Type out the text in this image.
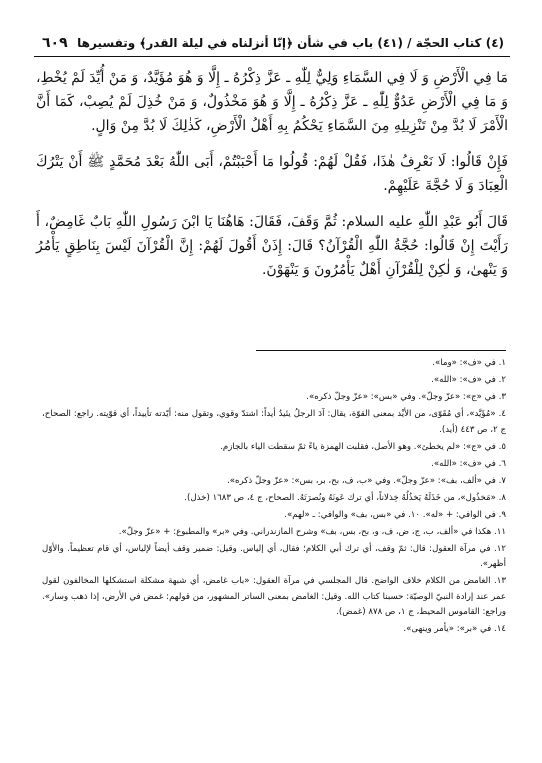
(٤) كتاب الحجّة / (٤١) باب في شأن ﴿إنّا أنزلناه في ليلة القدر﴾ وتفسيرها
٦٠٩

مَا فِي الْأَرْضِ وَ لَا فِي السَّمَاءِ وَلِيٌّ لِلّٰهِ ـ عَزَّ ذِكْرُهُ ـ إِلَّا وَ هُوَ مُؤَيَّدٌ، وَ مَنْ أُيِّدَ لَمْ يُخْطِ، وَ مَا فِي الْأَرْضِ عَدُوٌّ لِلّٰهِ ـ عَزَّ ذِكْرُهُ ـ إِلَّا وَ هُوَ مَخْذُولٌ، وَ مَنْ خُذِلَ لَمْ يُصِبْ، كَمَا أَنَّ الْأَمْرَ لَا بُدَّ مِنْ تَنْزِيلِهِ مِنَ السَّمَاءِ يَحْكُمُ بِهِ أَهْلُ الْأَرْضِ، كَذٰلِكَ لَا بُدَّ مِنْ وَالٍ.

فَإِنْ قَالُوا: لَا نَعْرِفُ هٰذَا، فَقُلْ لَهُمْ: قُولُوا مَا أَحْبَبْتُمْ، أَبَى اللّٰهُ بَعْدَ مُحَمَّدٍ ﷺ أَنْ يَتْرُكَ الْعِبَادَ وَ لَا حُجَّةَ عَلَيْهِمْ.

قَالَ أَبُو عَبْدِ اللّٰهِ عليه السلام: ثُمَّ وَقَفَ، فَقَالَ: هَاهُنَا يَا ابْنَ رَسُولِ اللّٰهِ بَابٌ غَامِضٌ، أَ رَأَيْتَ إِنْ قَالُوا: حُجَّةُ اللّٰهِ الْقُرْآنُ؟ قَالَ: إِذَنْ أَقُولَ لَهُمْ: إِنَّ الْقُرْآنَ لَيْسَ بِنَاطِقٍ يَأْمُرُ وَ يَنْهىٰ، وَ لٰكِنْ لِلْقُرْآنِ أَهْلٌ يَأْمُرُونَ وَ يَنْهَوْنَ.

١. في «ف»: «وما».
٢. في «ف»: «الله».
٣. في «ج»: «عزّ وجلّ». وفي «بس»: «عزّ وجلّ ذكره».
٤. «مُؤَيَّد»، أي مُقَوّى، من الأيْد بمعنى القوّة، يقال: آدَ الرجلُ يئيدُ أيداً: اشتدّ وقوي، وتقول منه: أيّدته تأييداً، أي قوّيته. راجع: الصحاح، ج ٢، ص ٤٤٣ (أيد).
٥. في «ج»: «لم يخطئ». وهو الأصل، فقلبت الهمزة ياءً ثمّ سقطت الياء بالجازم.
٦. في «ف»: «الله».
٧. في «ألف، بف»: «عزّ وجلّ». وفي «ب، ف، بح، بر، بس»: «عزّ وجلّ ذكره».
٨. «مَخذُول»، من خَذَلَهُ يَخذُلُهُ خِذلاناً، أي ترك عَونَهُ ونُصرَتَهُ. الصحاح، ج ٤، ص ١٦٨٣ (خذل).
٩. في الوافي: + «له». ١٠. في «بس، بف» والوافي: ـ «لهم».
١١. هكذا في «ألف، ب، ج، ض، ف، و، بح، بس، بف» وشرح المازندراني. وفي «بر» والمطبوع: + «عزّ وجلّ».
١٢. في مرآة العقول: قال: ثمّ وقف، أي ترك أبي الكلام؛ فقال، أي إلياس. وقيل: ضمير وقف أيضاً لإلياس، أي قام تعظيماً. والأوّل أظهر».
١٣. الغامض من الكلام خلاف الواضح. قال المجلسي في مرآة العقول: «باب غامض، أي شبهة مشكلة استشكلها المخالفون لقول عمر عند إرادة النبيّ الوصيّة: حسبنا كتاب الله. وقيل: الغامض بمعنى الساتر المشهور، من قولهم: غمض في الأرض، إذا ذهب وسار». وراجع: القاموس المحيط، ج ١، ص ٨٧٨ (غمض).
١٤. في «بر»: «يأمر وينهى».
